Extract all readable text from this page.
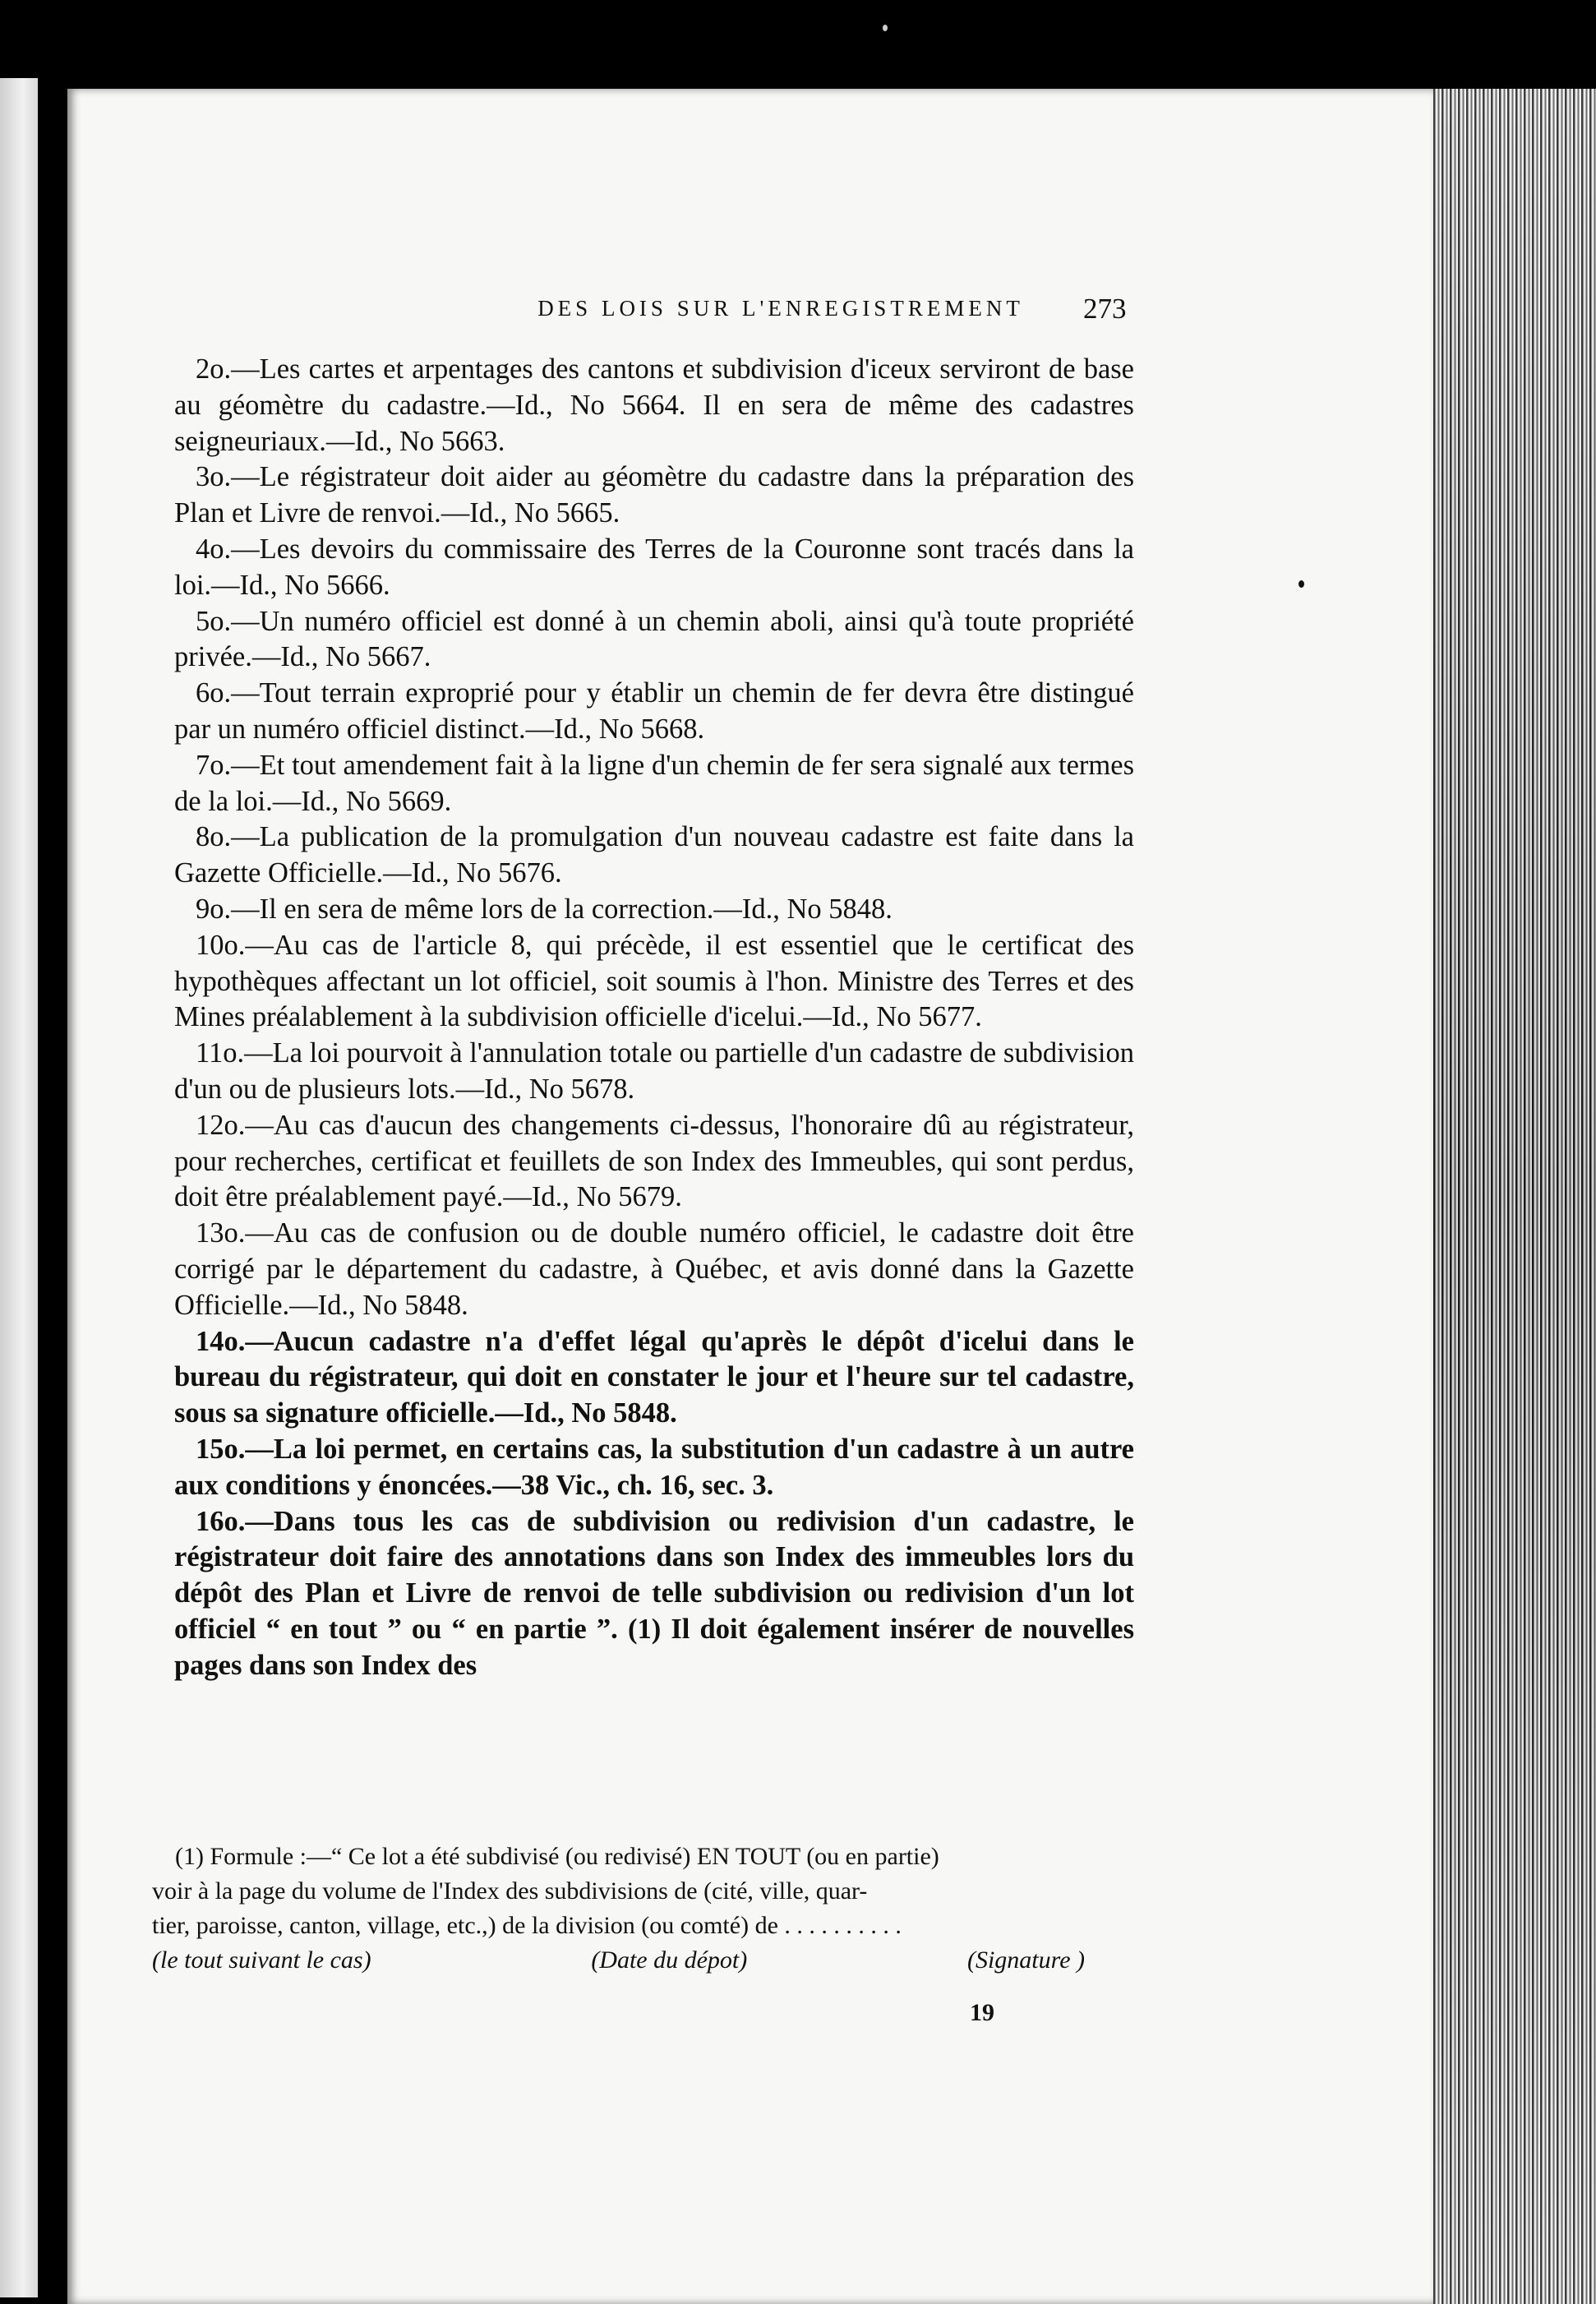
DES LOIS SUR L'ENREGISTREMENT	273

2o.—Les cartes et arpentages des cantons et subdivision d'iceux serviront de base au géomètre du cadastre.—Id., No 5664. Il en sera de même des cadastres seigneuriaux.—Id., No 5663.

3o.—Le régistrateur doit aider au géomètre du cadastre dans la préparation des Plan et Livre de renvoi.—Id., No 5665.

4o.—Les devoirs du commissaire des Terres de la Couronne sont tracés dans la loi.—Id., No 5666.

5o.—Un numéro officiel est donné à un chemin aboli, ainsi qu'à toute propriété privée.—Id., No 5667.

6o.—Tout terrain exproprié pour y établir un chemin de fer devra être distingué par un numéro officiel distinct.—Id., No 5668.

7o.—Et tout amendement fait à la ligne d'un chemin de fer sera signalé aux termes de la loi.—Id., No 5669.

8o.—La publication de la promulgation d'un nouveau cadastre est faite dans la Gazette Officielle.—Id., No 5676.

9o.—Il en sera de même lors de la correction.—Id., No 5848.

10o.—Au cas de l'article 8, qui précède, il est essentiel que le certificat des hypothèques affectant un lot officiel, soit soumis à l'hon. Ministre des Terres et des Mines préalablement à la subdivision officielle d'icelui.—Id., No 5677.

11o.—La loi pourvoit à l'annulation totale ou partielle d'un cadastre de subdivision d'un ou de plusieurs lots.—Id., No 5678.

12o.—Au cas d'aucun des changements ci-dessus, l'honoraire dû au régistrateur, pour recherches, certificat et feuillets de son Index des Immeubles, qui sont perdus, doit être préalablement payé.—Id., No 5679.

13o.—Au cas de confusion ou de double numéro officiel, le cadastre doit être corrigé par le département du cadastre, à Québec, et avis donné dans la Gazette Officielle.—Id., No 5848.

14o.—Aucun cadastre n'a d'effet légal qu'après le dépôt d'icelui dans le bureau du régistrateur, qui doit en constater le jour et l'heure sur tel cadastre, sous sa signature officielle.—Id., No 5848.

15o.—La loi permet, en certains cas, la substitution d'un cadastre à un autre aux conditions y énoncées.—38 Vic., ch. 16, sec. 3.

16o.—Dans tous les cas de subdivision ou redivision d'un cadastre, le régistrateur doit faire des annotations dans son Index des immeubles lors du dépôt des Plan et Livre de renvoi de telle subdivision ou redivision d'un lot officiel “ en tout ” ou “ en partie ”. (1) Il doit également insérer de nouvelles pages dans son Index des

(1) Formule :—“ Ce lot a été subdivisé (ou redivisé) EN TOUT (ou en partie)

voir à la page du volume de l'Index des subdivisions de (cité, ville, quar-

tier, paroisse, canton, village, etc.,) de la division (ou comté) de . . . . . . . . . .

(le tout suivant le cas)	(Date du dépot)	(Signature )
19
